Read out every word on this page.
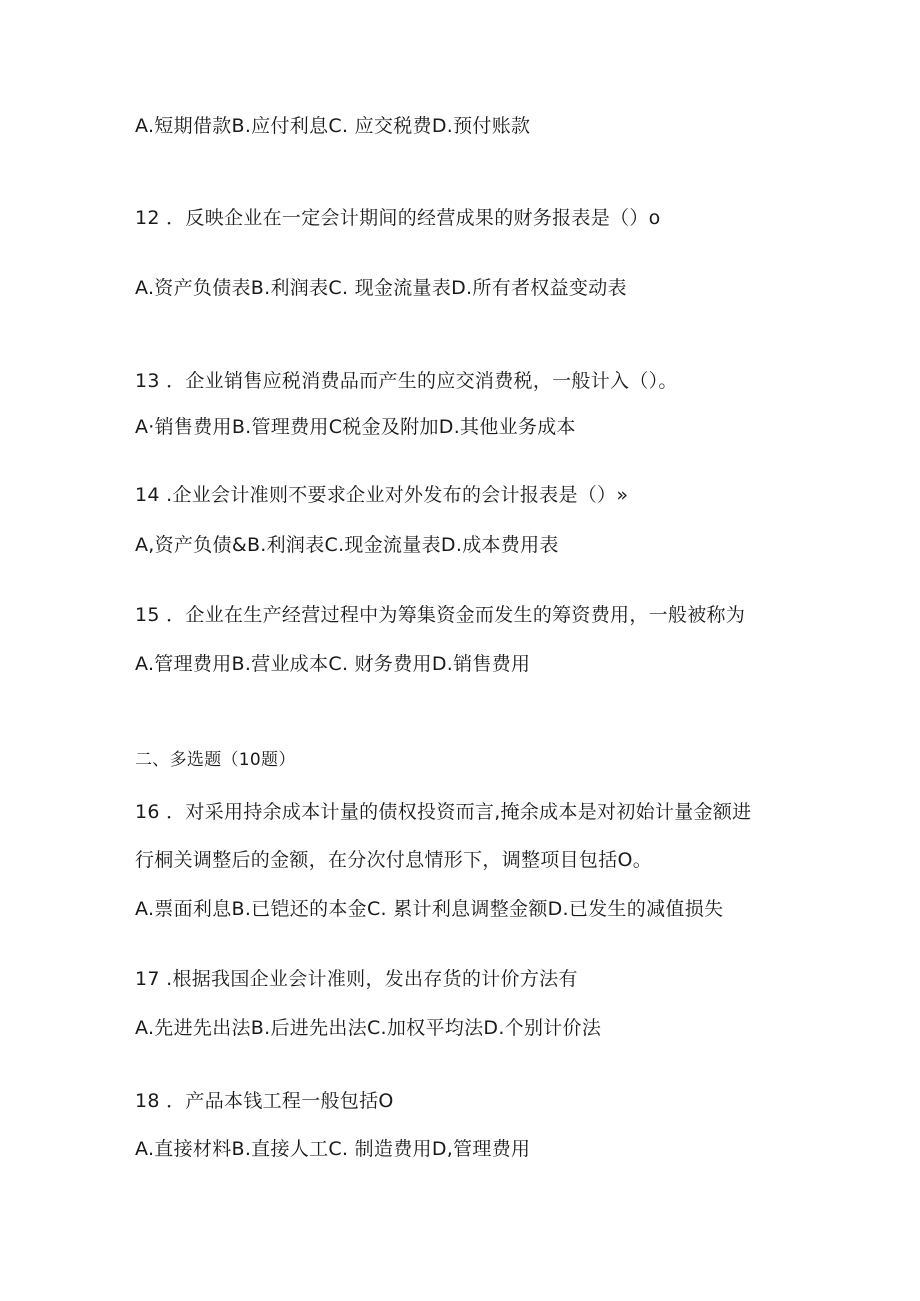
A.短期借款B.应付利息C. 应交税费D.预付账款
12 ．反映企业在一定会计期间的经营成果的财务报表是（）o
A.资产负债表B.利润表C. 现金流量表D.所有者权益变动表
13 ．企业销售应税消费品而产生的应交消费税，一般计入（）。
A·销售费用B.管理费用C税金及附加D.其他业务成本
14 .企业会计准则不要求企业对外发布的会计报表是（）»
A,资产负债&B.利润表C.现金流量表D.成本费用表
15 ．企业在生产经营过程中为筹集资金而发生的筹资费用，一般被称为
A.管理费用B.营业成本C. 财务费用D.销售费用
二、多选题（10题）
16 ．对采用持余成本计量的债权投资而言,掩余成本是对初始计量金额进
行桐关调整后的金额，在分次付息情形下，调整项目包括O。
A.票面利息B.已铠还的本金C. 累计利息调整金额D.已发生的减值损失
17 .根据我国企业会计准则，发出存货的计价方法有
A.先进先出法B.后进先出法C.加权平均法D.个别计价法
18 ．产品本钱工程一般包括O
A.直接材料B.直接人工C. 制造费用D,管理费用
